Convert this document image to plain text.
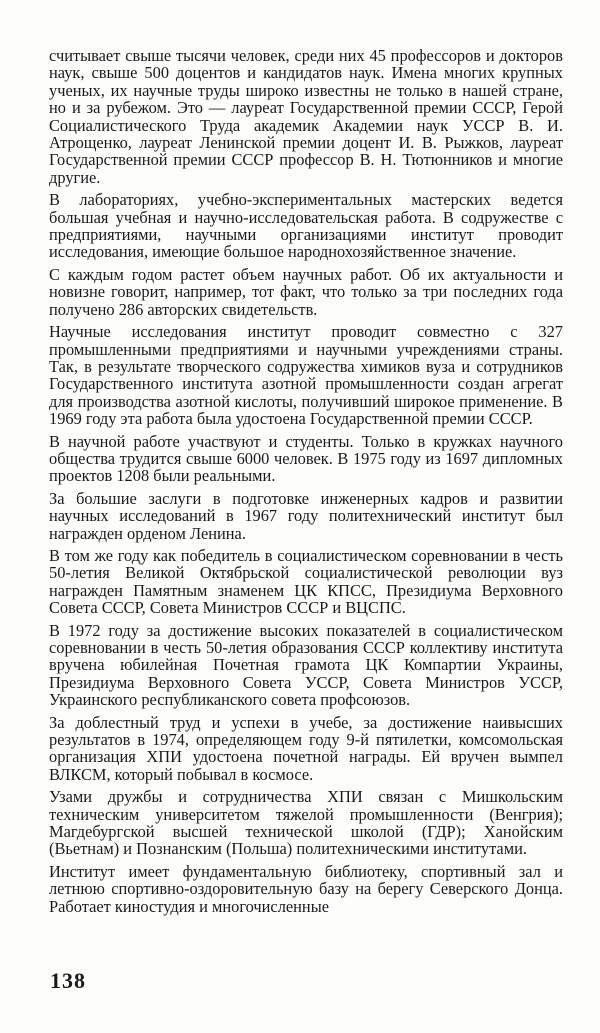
считывает свыше тысячи человек, среди них 45 профессоров и докторов наук, свыше 500 доцентов и кандидатов наук. Имена многих крупных ученых, их научные труды широко известны не только в нашей стране, но и за рубежом. Это — лауреат Государственной премии СССР, Герой Социалистического Труда академик Академии наук УССР В. И. Атрощенко, лауреат Ленинской премии доцент И. В. Рыжков, лауреат Государственной премии СССР профессор В. Н. Тютюнников и многие другие.

В лабораториях, учебно-экспериментальных мастерских ведется большая учебная и научно-исследовательская работа. В содружестве с предприятиями, научными организациями институт проводит исследования, имеющие большое народнохозяйственное значение.

С каждым годом растет объем научных работ. Об их актуальности и новизне говорит, например, тот факт, что только за три последних года получено 286 авторских свидетельств.

Научные исследования институт проводит совместно с 327 промышленными предприятиями и научными учреждениями страны. Так, в результате творческого содружества химиков вуза и сотрудников Государственного института азотной промышленности создан агрегат для производства азотной кислоты, получивший широкое применение. В 1969 году эта работа была удостоена Государственной премии СССР.

В научной работе участвуют и студенты. Только в кружках научного общества трудится свыше 6000 человек. В 1975 году из 1697 дипломных проектов 1208 были реальными.

За большие заслуги в подготовке инженерных кадров и развитии научных исследований в 1967 году политехнический институт был награжден орденом Ленина.

В том же году как победитель в социалистическом соревновании в честь 50-летия Великой Октябрьской социалистической революции вуз награжден Памятным знаменем ЦК КПСС, Президиума Верховного Совета СССР, Совета Министров СССР и ВЦСПС.

В 1972 году за достижение высоких показателей в социалистическом соревновании в честь 50-летия образования СССР коллективу института вручена юбилейная Почетная грамота ЦК Компартии Украины, Президиума Верховного Совета УССР, Совета Министров УССР, Украинского республиканского совета профсоюзов.

За доблестный труд и успехи в учебе, за достижение наивысших результатов в 1974, определяющем году 9-й пятилетки, комсомольская организация ХПИ удостоена почетной награды. Ей вручен вымпел ВЛКСМ, который побывал в космосе.

Узами дружбы и сотрудничества ХПИ связан с Мишкольским техническим университетом тяжелой промышленности (Венгрия); Магдебургской высшей технической школой (ГДР); Ханойским (Вьетнам) и Познанским (Польша) политехническими институтами.

Институт имеет фундаментальную библиотеку, спортивный зал и летнюю спортивно-оздоровительную базу на берегу Северского Донца. Работает киностудия и многочисленные

138
